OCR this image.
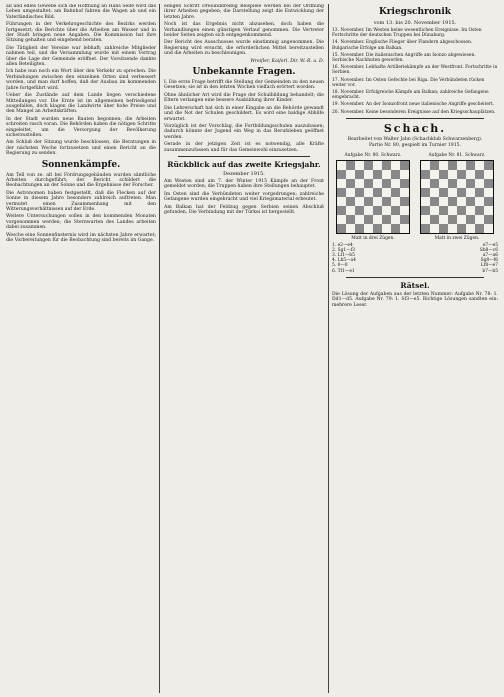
all und edles Gewebe sich die Hoffnung an Hans Seife wird das Leben umgestaltet; am Bahnhof fahren die Wagen ab und ein Vaterländisches Bild.

Führungen in der Verkehrsgeschichte des Bezirks werden fortgesetzt; die Berichte über die Arbeiten am Wasser und in der Stadt bringen neue Angaben. Die Kommission hat ihre Sitzung gehalten und eingehend beraten.

Die Tätigkeit der Vereine war lebhaft; zahlreiche Mitglieder nahmen teil, und die Versammlung wurde mit einem Vortrag über die Lage der Gemeinde eröffnet. Der Vorsitzende dankte allen Beteiligten.

Ich habe nun noch ein Wort über den Verkehr zu sprechen. Die Verbindungen zwischen den einzelnen Orten sind verbessert worden, und man darf hoffen, daß der Ausbau im kommenden Jahre fortgeführt wird.

Ueber die Zustände auf dem Lande liegen verschiedene Mitteilungen vor. Die Ernte ist im allgemeinen befriedigend ausgefallen, doch klagen die Landwirte über hohe Preise und den Mangel an Arbeitskräften.

In der Stadt wurden neue Bauten begonnen; die Arbeiten schreiten rasch voran. Die Behörden haben die nötigen Schritte eingeleitet, um die Versorgung der Bevölkerung sicherzustellen.

Am Schluß der Sitzung wurde beschlossen, die Beratungen in der nächsten Woche fortzusetzen und einen Bericht an die Regierung zu senden.

Sonnenkämpfe.

Am Tell von ze. alt bei Fördrungsgebäuden wurden sämtliche Arbeiten durchgeführt; der Bericht schildert die Beobachtungen an der Sonne und die Ergebnisse der Forscher.

Die Astronomen haben festgestellt, daß die Flecken auf der Sonne in diesem Jahre besonders zahlreich auftreten. Man vermutet einen Zusammenhang mit den Witterungsverhältnissen auf der Erde.

Weitere Untersuchungen sollen in den kommenden Monaten vorgenommen werden; die Sternwarten des Landes arbeiten dabei zusammen.

Wesche eine Sonnenfinsternis wird im nächsten Jahre erwartet; die Vorbereitungen für die Beobachtung sind bereits im Gange.

einigen Schritt Dreiunddreißig Beispiele werden bei der Ordnung ihrer Arbeiten gegeben; die Darstellung zeigt die Entwicklung der letzten Jahre.

Noch ist das Ergebnis nicht abzusehen, doch haben die Verhandlungen einen günstigen Verlauf genommen. Die Vertreter beider Seiten zeigten sich entgegenkommend.

Der Bericht des Ausschusses wurde einstimmig angenommen. Die Regierung wird ersucht, die erforderlichen Mittel bereitzustellen und die Arbeiten zu beschleunigen.

Wreiſler, Kaiſerl. Dir. W.-R. a. D.

Unbekannte Fragen.

I. Die erste Frage betrifft die Stellung der Gemeinden zu den neuen Gesetzen; sie ist in den letzten Wochen vielfach erörtert worden.

Ohne ähnlicher Art wird die Frage der Schulbildung behandelt; die Eltern verlangen eine bessere Ausbildung ihrer Kinder.

Die Lehrerschaft hat sich in einer Eingabe an die Behörde gewandt und die Not der Schulen geschildert. Es wird eine baldige Abhilfe erwartet.

Vorzüglich ist der Vorschlag, die Fortbildungsschulen auszubauen; dadurch könnte der Jugend ein Weg in das Berufsleben geöffnet werden.

Gerade in der jetzigen Zeit ist es notwendig, alle Kräfte zusammenzufassen und für das Gemeinwohl einzusetzen.

Rückblick auf das zweite Kriegsjahr.
Dezember 1915.

Am Westen sind am 7. der Winter 1915 Kämpfe an der Front gemeldet worden; die Truppen haben ihre Stellungen behauptet.

Im Osten sind die Verbündeten weiter vorgedrungen; zahlreiche Gefangene wurden eingebracht und viel Kriegsmaterial erbeutet.

Am Balkan hat der Feldzug gegen Serbien seinen Abschluß gefunden. Die Verbindung mit der Türkei ist hergestellt.

Kriegschronik
vom 13. bis 20. November 1915.

13. November. Im Westen keine wesentlichen Ereignisse. Im Osten Fortschritte der deutschen Truppen bei Dünaburg.

14. November. Englische Flieger über Flandern abgeschossen. Bulgarische Erfolge am Balkan.

15. November. Die italienischen Angriffe am Isonzo abgewiesen. Serbische Nachhuten geworfen.

16. November. Lebhafte Artilleriekämpfe an der Westfront. Fortschritte in Serbien.

17. November. Im Osten Gefechte bei Riga. Die Verbündeten rücken weiter vor.

18. November. Erfolgreiche Kämpfe am Balkan; zahlreiche Gefangene eingebracht.

19. November. An der Isonzofront neue italienische Angriffe gescheitert.

20. November. Keine besonderen Ereignisse auf den Kriegsschauplätzen.

Schach.
Bearbeitet von Walter Jahn (Schachklub Schwarzenberg).
Partie Nr. 80, gespielt im Turnier 1915.
Aufgabe Nr. 80. Schwarz.
Matt in drei Zügen.
Aufgabe Nr. 81. Schwarz.
Matt in zwei Zügen.
1. e2—e4	e7—e5
2. Sg1—f3	Sb8—c6
3. Lf1—b5	a7—a6
4. Lb5—a4	Sg8—f6
5. 0—0	Lf8—e7
6. Tf1—e1	b7—b5
Rätsel.

Die Lösung der Aufgaben aus der letzten Nummer: Aufgabe Nr. 78: 1. Dd1—d5. Aufgabe Nr. 79: 1. Sf3—e5. Richtige Lösungen sandten ein: mehrere Leser.
